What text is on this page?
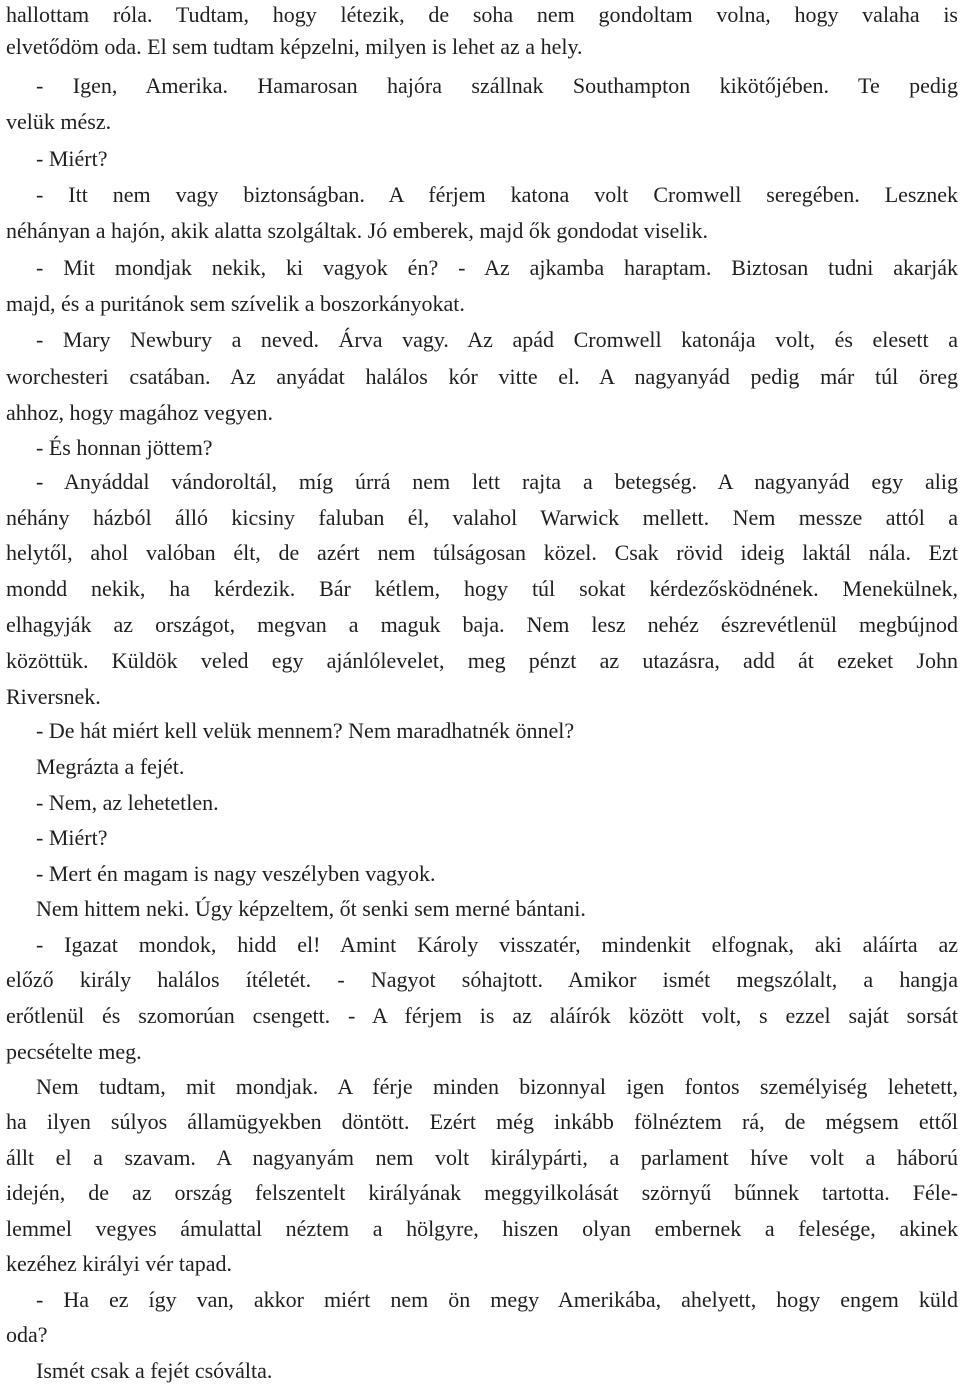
hallottam róla. Tudtam, hogy létezik, de soha nem gondoltam volna, hogy valaha is
elvetődöm oda. El sem tudtam képzelni, milyen is lehet az a hely.
- Igen, Amerika. Hamarosan hajóra szállnak Southampton kikötőjében. Te pedig
velük mész.
- Miért?
- Itt nem vagy biztonságban. A férjem katona volt Cromwell seregében. Lesznek
néhányan a hajón, akik alatta szolgáltak. Jó emberek, majd ők gondodat viselik.
- Mit mondjak nekik, ki vagyok én? - Az ajkamba haraptam. Biztosan tudni akarják
majd, és a puritánok sem szívelik a boszorkányokat.
- Mary Newbury a neved. Árva vagy. Az apád Cromwell katonája volt, és elesett a
worchesteri csatában. Az anyádat halálos kór vitte el. A nagyanyád pedig már túl öreg
ahhoz, hogy magához vegyen.
- És honnan jöttem?
- Anyáddal vándoroltál, míg úrrá nem lett rajta a betegség. A nagyanyád egy alig
néhány házból álló kicsiny faluban él, valahol Warwick mellett. Nem messze attól a
helytől, ahol valóban élt, de azért nem túlságosan közel. Csak rövid ideig laktál nála. Ezt
mondd nekik, ha kérdezik. Bár kétlem, hogy túl sokat kérdezősködnének. Menekülnek,
elhagyják az országot, megvan a maguk baja. Nem lesz nehéz észrevétlenül megbújnod
közöttük. Küldök veled egy ajánlólevelet, meg pénzt az utazásra, add át ezeket John
Riversnek.
- De hát miért kell velük mennem? Nem maradhatnék önnel?
Megrázta a fejét.
- Nem, az lehetetlen.
- Miért?
- Mert én magam is nagy veszélyben vagyok.
Nem hittem neki. Úgy képzeltem, őt senki sem merné bántani.
- Igazat mondok, hidd el! Amint Károly visszatér, mindenkit elfognak, aki aláírta az
előző király halálos ítéletét. - Nagyot sóhajtott. Amikor ismét megszólalt, a hangja
erőtlenül és szomorúan csengett. - A férjem is az aláírók között volt, s ezzel saját sorsát
pecsételte meg.
Nem tudtam, mit mondjak. A férje minden bizonnyal igen fontos személyiség lehetett,
ha ilyen súlyos államügyekben döntött. Ezért még inkább fölnéztem rá, de mégsem ettől
állt el a szavam. A nagyanyám nem volt királypárti, a parlament híve volt a háború
idején, de az ország felszentelt királyának meggyilkolását szörnyű bűnnek tartotta. Féle-
lemmel vegyes ámulattal néztem a hölgyre, hiszen olyan embernek a felesége, akinek
kezéhez királyi vér tapad.
- Ha ez így van, akkor miért nem ön megy Amerikába, ahelyett, hogy engem küld
oda?
Ismét csak a fejét csóválta.
